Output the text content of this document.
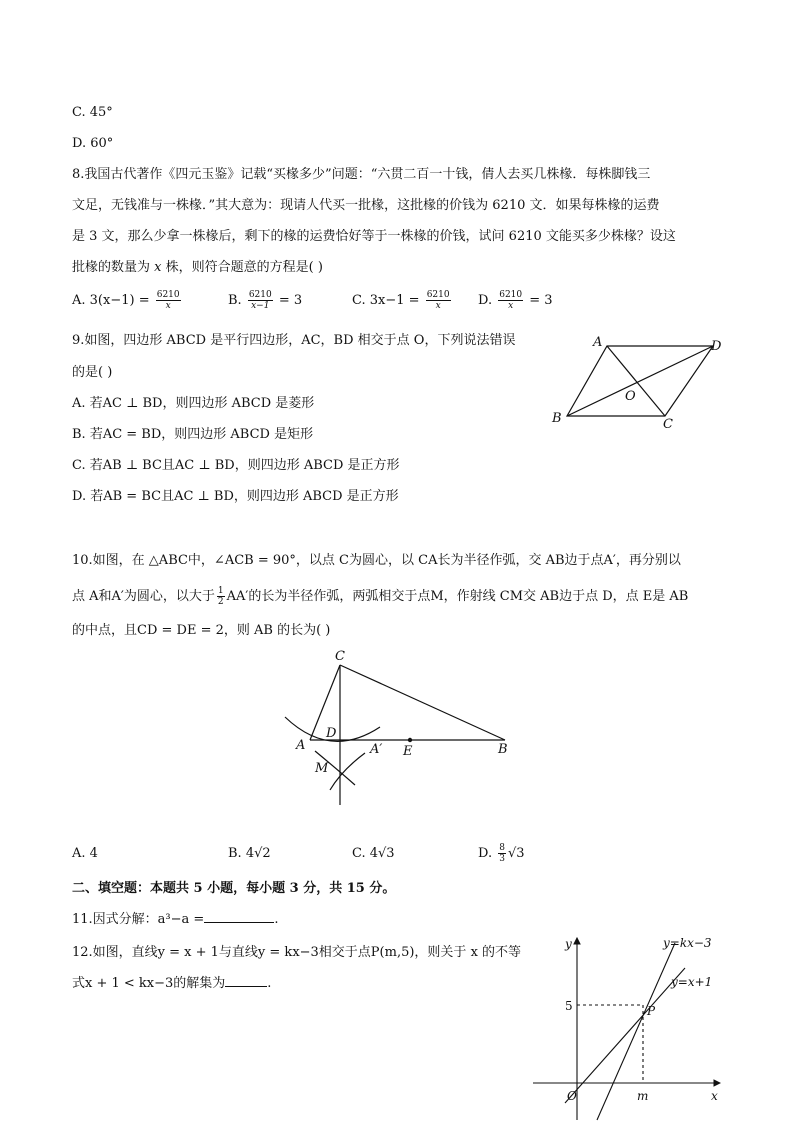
C. 45°
D. 60°
8.我国古代著作《四元玉鉴》记载“买椽多少”问题：“六贯二百一十钱，倩人去买几株椽．每株脚钱三
文足，无钱准与一株椽．”其大意为：现请人代买一批椽，这批椽的价钱为 6210 文．如果每株椽的运费
是 3 文，那么少拿一株椽后，剩下的椽的运费恰好等于一株椽的价钱，试问 6210 文能买多少株椽？设这
批椽的数量为 x 株，则符合题意的方程是( )
A. $3(x-1) = \frac{6210}{x}$	B. $\frac{6210}{x-1} = 3$	C. $3x-1 = \frac{6210}{x} D$. $\frac{6210}{x} = 3$
9.如图，四边形 ABCD 是平行四边形，AC，BD 相交于点 O，下列说法错误
的是( )
A. 若AC ⊥ BD，则四边形 ABCD 是菱形
B. 若AC = BD，则四边形 ABCD 是矩形
C. 若AB ⊥ BC且AC ⊥ BD，则四边形 ABCD 是正方形
D. 若AB = BC且AC ⊥ BD，则四边形 ABCD 是正方形
A
B	C
D
O
10.如图，在 △ABC中，∠ACB = 90°，以点 C为圆心，以 CA长为半径作弧，交 AB边于点A′，再分别以
点 A和A′为圆心，以大于 $\frac{1}{2} AA'$的长为半径作弧，两弧相交于点M，作射线 CM交 AB边于点 D，点 E是 AB
的中点，且CD = DE = 2，则 AB 的长为( )
C
A
D
A′ E	B
M
A. 4	B. 4√2	C. 4√3	D. $\frac{8}{3} √3$
二、填空题：本题共 5 小题，每小题 3 分，共 15 分。
11.因式分解：a³−a =	.
12.如图，直线y = x + 1与直线y = kx−3相交于点P(m,5)，则关于 x 的不等
式x + 1 < kx−3的解集为	.
y
x
O	m
P
y=kx−3
y=x+1
5
